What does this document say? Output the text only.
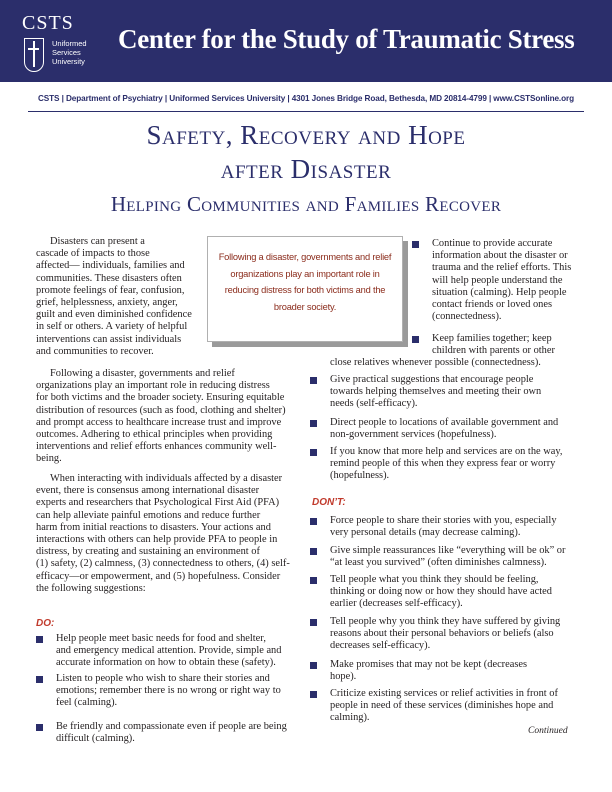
CSTS
Uniformed
Services
University
Center for the Study of Traumatic Stress
CSTS | Department of Psychiatry | Uniformed Services University | 4301 Jones Bridge Road, Bethesda, MD 20814-4799 | www.CSTSonline.org
Safety, Recovery and Hope
after Disaster
Helping Communities and Families Recover
Disasters can present a
cascade of impacts to those
affected— individuals, families and
communities. These disasters often
promote feelings of fear, confusion,
grief, helplessness, anxiety, anger,
guilt and even diminished confidence
in self or others. A variety of helpful
interventions can assist individuals
and communities to recover.
Following a disaster, governments and relief
organizations play an important role in reducing distress
for both victims and the broader society. Ensuring equitable
distribution of resources (such as food, clothing and shelter)
and prompt access to healthcare increase trust and improve
outcomes. Adhering to ethical principles when providing
interventions and relief efforts enhances community well-
being.
When interacting with individuals affected by a disaster
event, there is consensus among international disaster
experts and researchers that Psychological First Aid (PFA)
can help alleviate painful emotions and reduce further
harm from initial reactions to disasters. Your actions and
interactions with others can help provide PFA to people in
distress, by creating and sustaining an environment of
(1) safety, (2) calmness, (3) connectedness to others, (4) self-
efficacy—or empowerment, and (5) hopefulness. Consider
the following suggestions:
Following a disaster, governments and relief organizations play an important role in reducing distress for both victims and the broader society.
DO:
Help people meet basic needs for food and shelter,
and emergency medical attention. Provide, simple and
accurate information on how to obtain these (safety).
Listen to people who wish to share their stories and
emotions; remember there is no wrong or right way to
feel (calming).
Be friendly and compassionate even if people are being
difficult (calming).
Continue to provide accurate
information about the disaster or
trauma and the relief efforts. This
will help people understand the
situation (calming). Help people
contact friends or loved ones
(connectedness).
Keep families together; keep
children with parents or other
close relatives whenever possible (connectedness).
Give practical suggestions that encourage people
towards helping themselves and meeting their own
needs (self-efficacy).
Direct people to locations of available government and
non-government services (hopefulness).
If you know that more help and services are on the way,
remind people of this when they express fear or worry
(hopefulness).
DON’T:
Force people to share their stories with you, especially
very personal details (may decrease calming).
Give simple reassurances like “everything will be ok” or
“at least you survived” (often diminishes calmness).
Tell people what you think they should be feeling,
thinking or doing now or how they should have acted
earlier (decreases self-efficacy).
Tell people why you think they have suffered by giving
reasons about their personal behaviors or beliefs (also
decreases self-efficacy).
Make promises that may not be kept (decreases
hope).
Criticize existing services or relief activities in front of
people in need of these services (diminishes hope and
calming).
Continued
